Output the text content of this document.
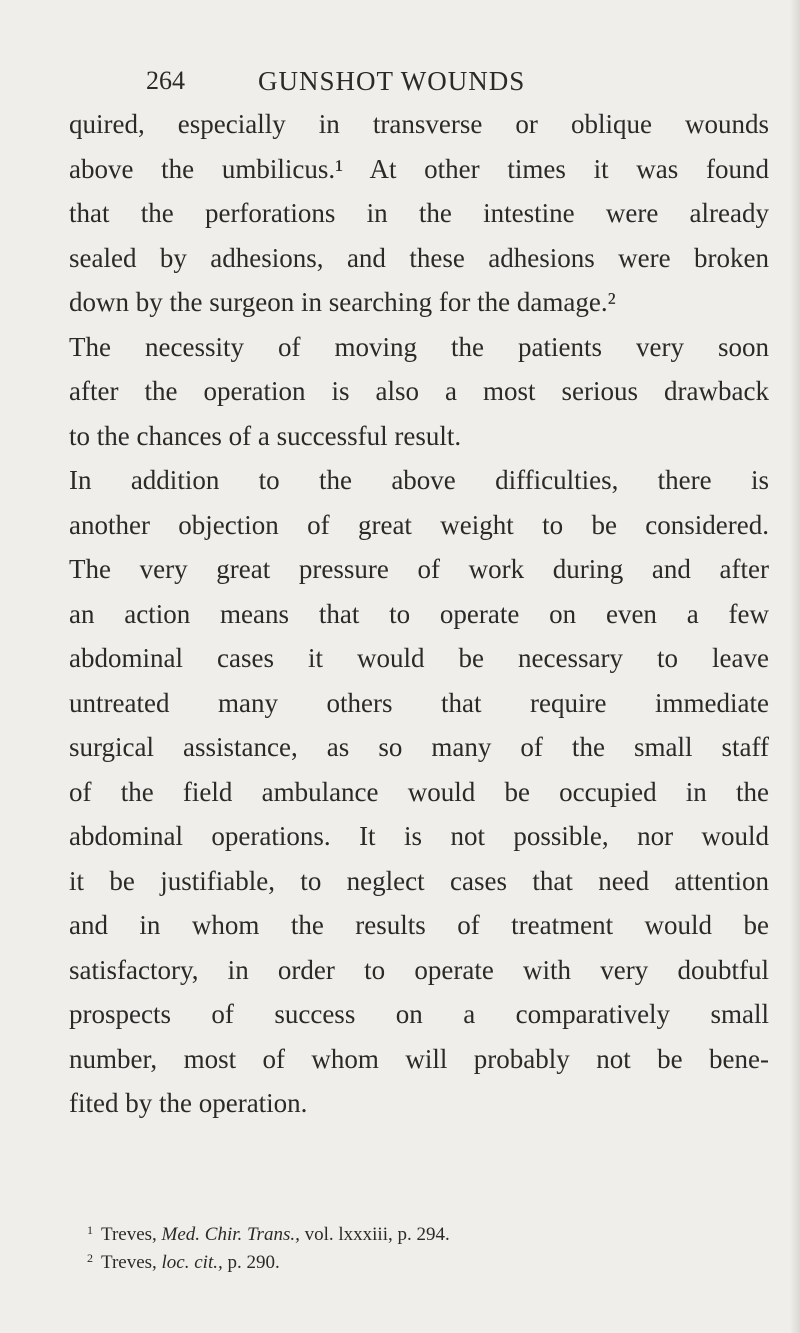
264	GUNSHOT WOUNDS
quired, especially in transverse or oblique wounds
above the umbilicus.¹ At other times it was found
that the perforations in the intestine were already
sealed by adhesions, and these adhesions were broken
down by the surgeon in searching for the damage.²
The necessity of moving the patients very soon
after the operation is also a most serious drawback
to the chances of a successful result.
In addition to the above difficulties, there is
another objection of great weight to be considered.
The very great pressure of work during and after
an action means that to operate on even a few
abdominal cases it would be necessary to leave
untreated many others that require immediate
surgical assistance, as so many of the small staff
of the field ambulance would be occupied in the
abdominal operations. It is not possible, nor would
it be justifiable, to neglect cases that need attention
and in whom the results of treatment would be
satisfactory, in order to operate with very doubtful
prospects of success on a comparatively small
number, most of whom will probably not be bene-
fited by the operation.
$^1$ Treves, Med. Chir. Trans., vol. lxxxiii, p. 294.
$^2$ Treves, loc. cit., p. 290.
